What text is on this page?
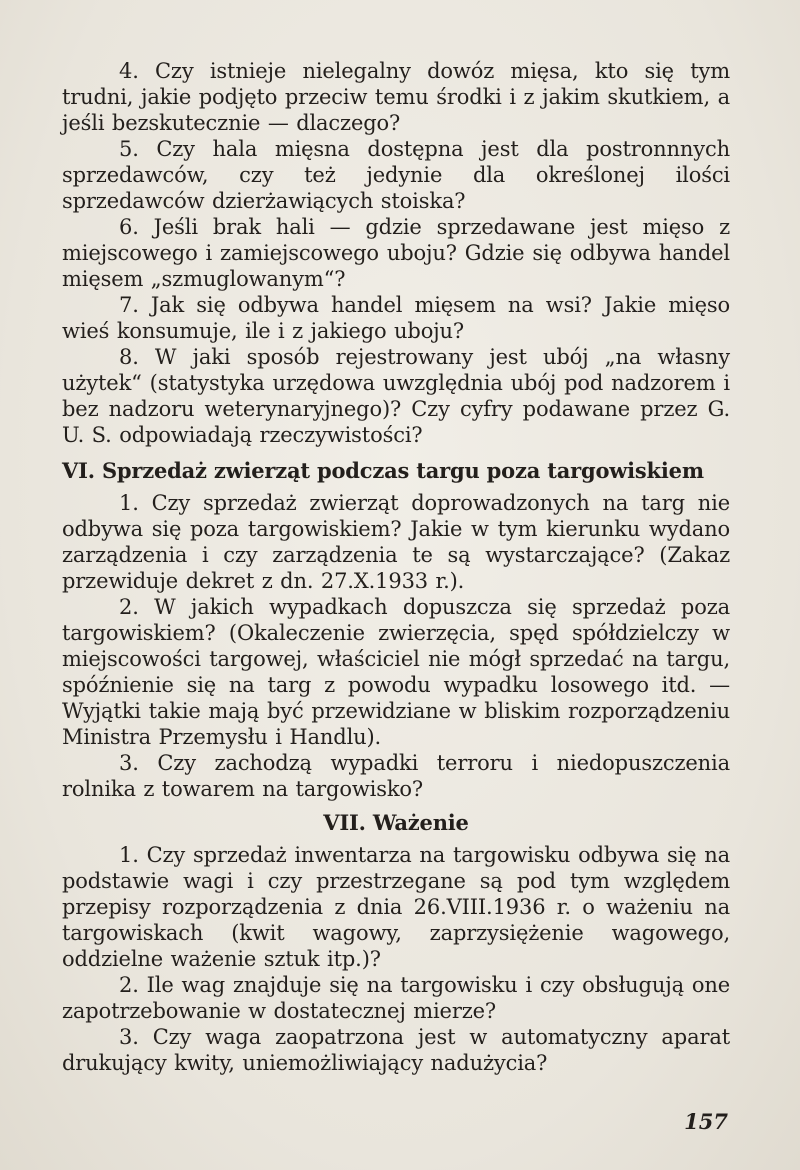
4. Czy istnieje nielegalny dowóz mięsa, kto się tym trudni, jakie podjęto przeciw temu środki i z jakim skutkiem, a jeśli bezskutecznie — dlaczego?

5. Czy hala mięsna dostępna jest dla postronnnych sprzedawców, czy też jedynie dla określonej ilości sprzedawców dzierżawiących stoiska?

6. Jeśli brak hali — gdzie sprzedawane jest mięso z miejscowego i zamiejscowego uboju? Gdzie się odbywa handel mięsem „szmuglowanym“?

7. Jak się odbywa handel mięsem na wsi? Jakie mięso wieś konsumuje, ile i z jakiego uboju?

8. W jaki sposób rejestrowany jest ubój „na własny użytek“ (statystyka urzędowa uwzględnia ubój pod nadzorem i bez nadzoru weterynaryjnego)? Czy cyfry podawane przez G. U. S. odpowiadają rzeczywistości?

VI. Sprzedaż zwierząt podczas targu poza targowiskiem

1. Czy sprzedaż zwierząt doprowadzonych na targ nie odbywa się poza targowiskiem? Jakie w tym kierunku wydano zarządzenia i czy zarządzenia te są wystarczające? (Zakaz przewiduje dekret z dn. 27.X.1933 r.).

2. W jakich wypadkach dopuszcza się sprzedaż poza targowiskiem? (Okaleczenie zwierzęcia, spęd spółdzielczy w miejscowości targowej, właściciel nie mógł sprzedać na targu, spóźnienie się na targ z powodu wypadku losowego itd. — Wyjątki takie mają być przewidziane w bliskim rozporządzeniu Ministra Przemysłu i Handlu).

3. Czy zachodzą wypadki terroru i niedopuszczenia rolnika z towarem na targowisko?

VII. Ważenie

1. Czy sprzedaż inwentarza na targowisku odbywa się na podstawie wagi i czy przestrzegane są pod tym względem przepisy rozporządzenia z dnia 26.VIII.1936 r. o ważeniu na targowiskach (kwit wagowy, zaprzysiężenie wagowego, oddzielne ważenie sztuk itp.)?

2. Ile wag znajduje się na targowisku i czy obsługują one zapotrzebowanie w dostatecznej mierze?

3. Czy waga zaopatrzona jest w automatyczny aparat drukujący kwity, uniemożliwiający nadużycia?

157
